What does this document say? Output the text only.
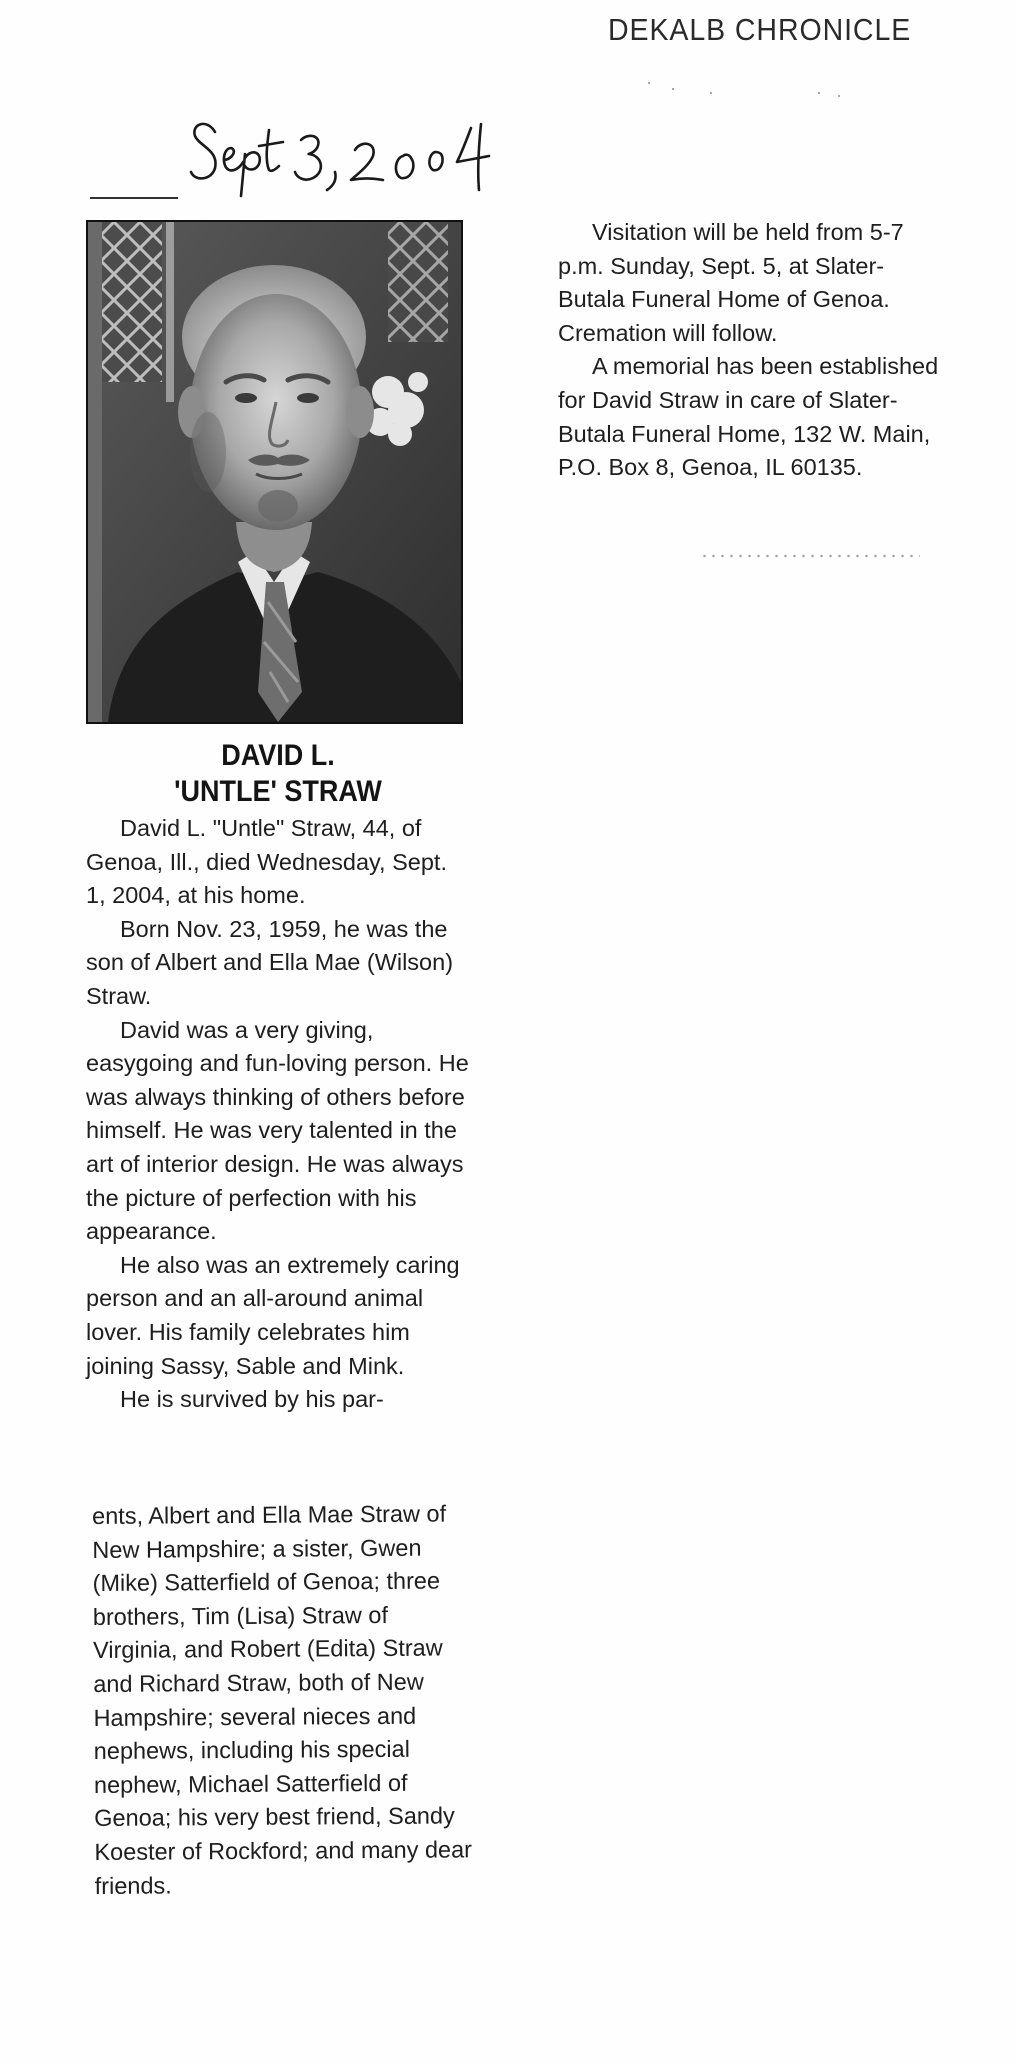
DEKALB CHRONICLE
DAVID L.
'UNTLE' STRAW

David L. "Untle" Straw, 44, of Genoa, Ill., died Wednesday, Sept. 1, 2004, at his home.

Born Nov. 23, 1959, he was the son of Albert and Ella Mae (Wilson) Straw.

David was a very giving, easygoing and fun-loving person. He was always thinking of others before himself. He was very talented in the art of interior design. He was always the picture of perfection with his appearance.

He also was an extremely caring person and an all-around animal lover. His family celebrates him joining Sassy, Sable and Mink.

He is survived by his par-

ents, Albert and Ella Mae Straw of New Hampshire; a sister, Gwen (Mike) Satterfield of Genoa; three brothers, Tim (Lisa) Straw of Virginia, and Robert (Edita) Straw and Richard Straw, both of New Hampshire; several nieces and nephews, including his special nephew, Michael Satterfield of Genoa; his very best friend, Sandy Koester of Rockford; and many dear friends.

Visitation will be held from 5-7 p.m. Sunday, Sept. 5, at Slater-Butala Funeral Home of Genoa. Cremation will follow.

A memorial has been established for David Straw in care of Slater-Butala Funeral Home, 132 W. Main, P.O. Box 8, Genoa, IL 60135.
